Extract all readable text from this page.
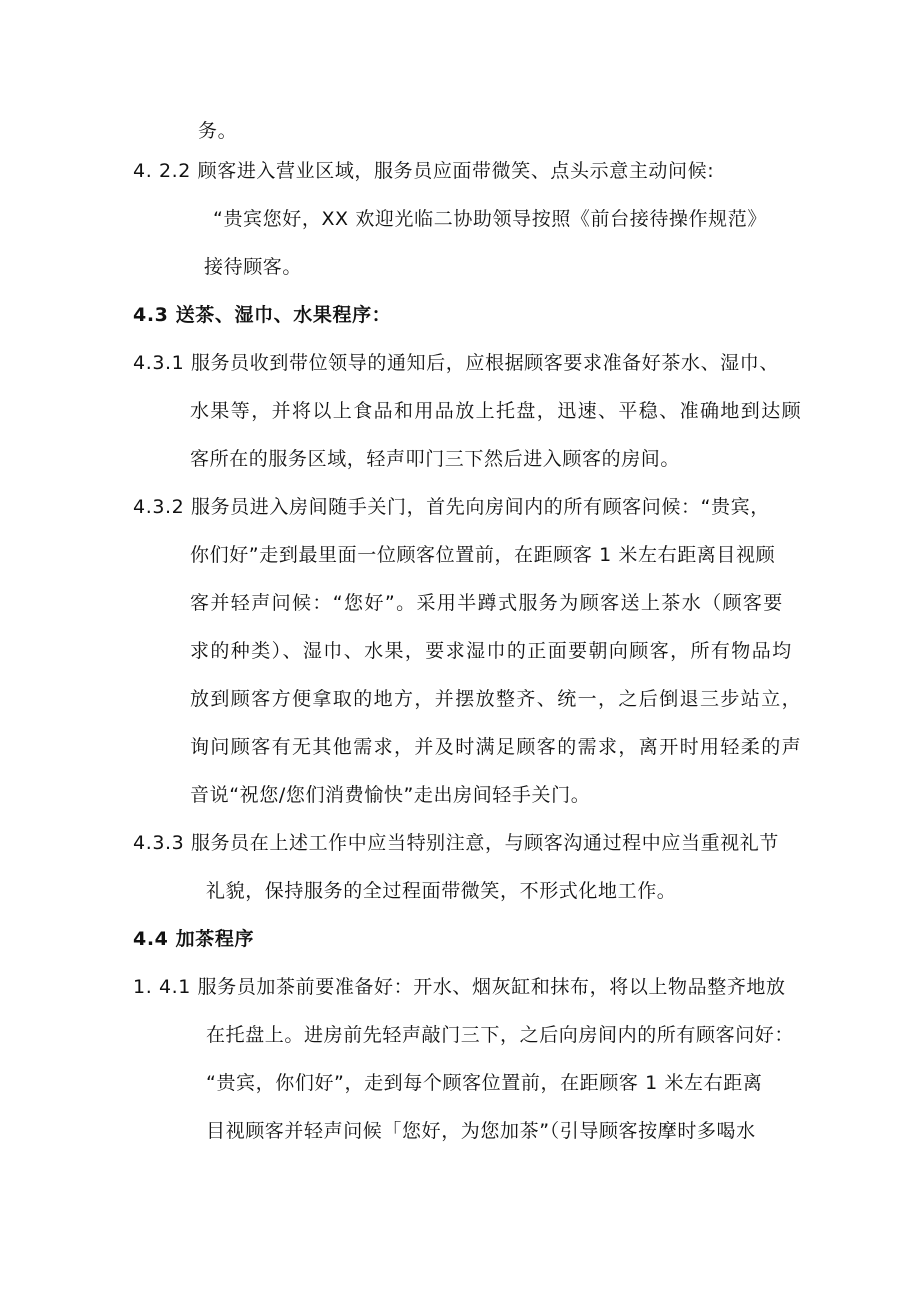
务。
4. 2.2 顾客进入营业区域，服务员应面带微笑、点头示意主动问候:
“贵宾您好，XX 欢迎光临二协助领导按照《前台接待操作规范》
接待顾客。
4.3 送茶、湿巾、水果程序：
4.3.1 服务员收到带位领导的通知后，应根据顾客要求准备好茶水、湿巾、
水果等，并将以上食品和用品放上托盘，迅速、平稳、准确地到达顾
客所在的服务区域，轻声叩门三下然后进入顾客的房间。
4.3.2 服务员进入房间随手关门，首先向房间内的所有顾客问候：“贵宾，
你们好”走到最里面一位顾客位置前，在距顾客 1 米左右距离目视顾
客并轻声问候：“您好”。采用半蹲式服务为顾客送上茶水（顾客要
求的种类）、湿巾、水果，要求湿巾的正面要朝向顾客，所有物品均
放到顾客方便拿取的地方，并摆放整齐、统一，之后倒退三步站立，
询问顾客有无其他需求，并及时满足顾客的需求，离开时用轻柔的声
音说“祝您/您们消费愉快”走出房间轻手关门。
4.3.3 服务员在上述工作中应当特别注意，与顾客沟通过程中应当重视礼节
礼貌，保持服务的全过程面带微笑，不形式化地工作。
4.4 加茶程序
1. 4.1 服务员加茶前要准备好：开水、烟灰缸和抹布，将以上物品整齐地放
在托盘上。进房前先轻声敲门三下，之后向房间内的所有顾客问好：
“贵宾，你们好”，走到每个顾客位置前，在距顾客 1 米左右距离
目视顾客并轻声问候「您好，为您加茶”（引导顾客按摩时多喝水
